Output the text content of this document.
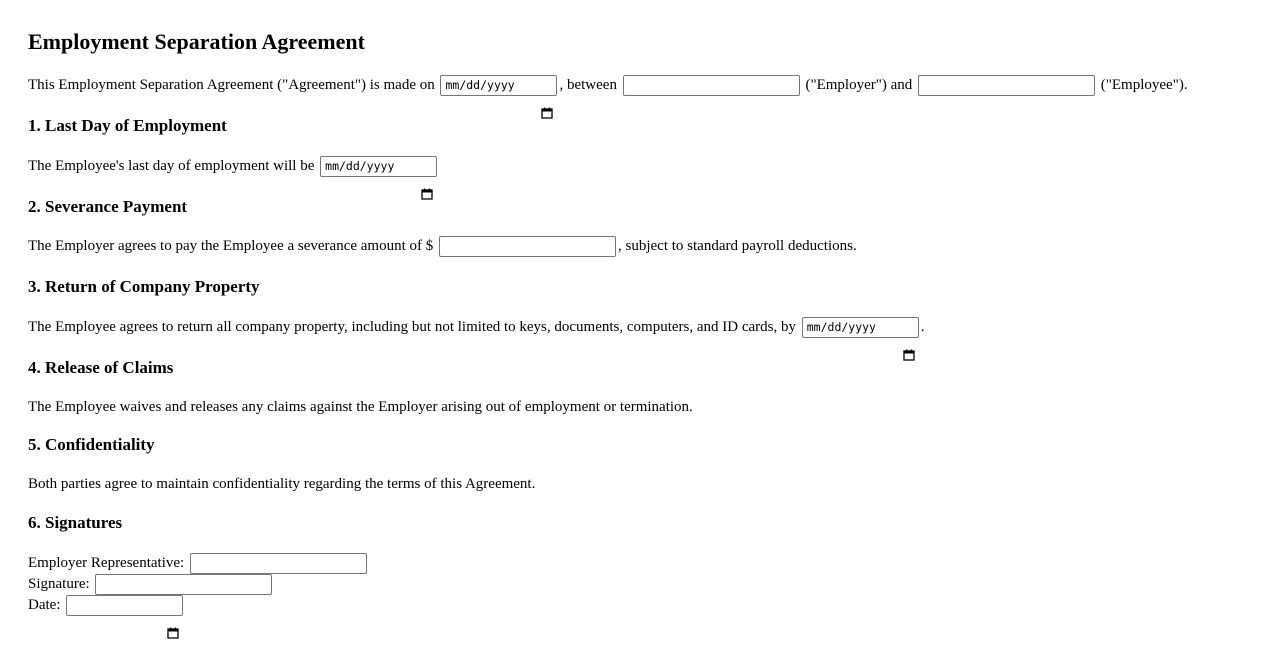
Employment Separation Agreement
This Employment Separation Agreement ("Agreement") is made on mm/dd/yyyy

	, between	("Employer") and	("Employee").
1. Last Day of Employment
The Employee's last day of employment will be mm/dd/yyyy

2. Severance Payment
The Employer agrees to pay the Employee a severance amount of $	, subject to standard payroll deductions.
3. Return of Company Property
The Employee agrees to return all company property, including but not limited to keys, documents, computers, and ID cards, by mm/dd/yyyy

	.
4. Release of Claims
The Employee waives and releases any claims against the Employer arising out of employment or termination.
5. Confidentiality
Both parties agree to maintain confidentiality regarding the terms of this Agreement.
6. Signatures
Employer Representative:
Signature:
Date:
